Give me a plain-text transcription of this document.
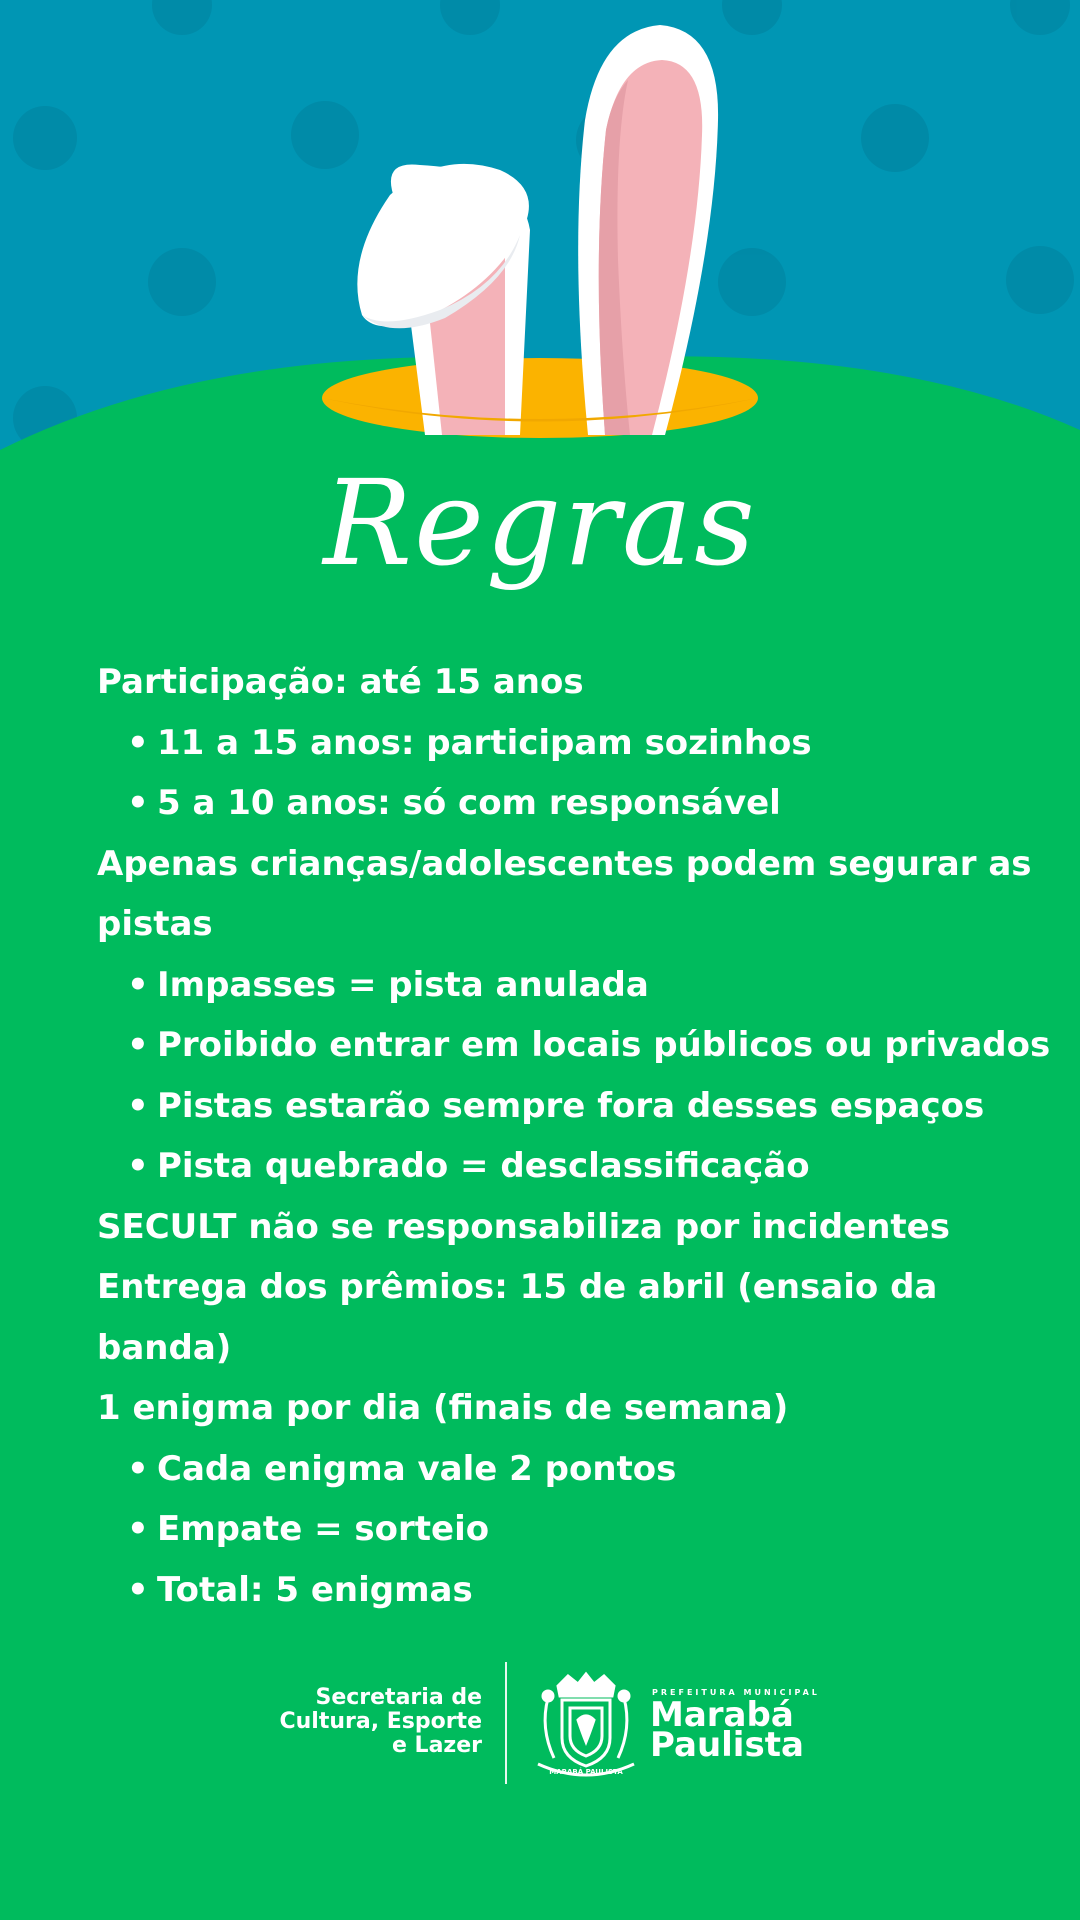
Regras
Participação: até 15 anos
• 11 a 15 anos: participam sozinhos
• 5 a 10 anos: só com responsável
Apenas crianças/adolescentes podem segurar as
pistas
• Impasses = pista anulada
• Proibido entrar em locais públicos ou privados
• Pistas estarão sempre fora desses espaços
• Pista quebrado = desclassificação
SECULT não se responsabiliza por incidentes
Entrega dos prêmios: 15 de abril (ensaio da
banda)
1 enigma por dia (finais de semana)
• Cada enigma vale 2 pontos
• Empate = sorteio
• Total: 5 enigmas
Secretaria de
Cultura, Esporte
e Lazer
MARABÁ PAULISTA
PREFEITURA MUNICIPAL
Marabá
Paulista
